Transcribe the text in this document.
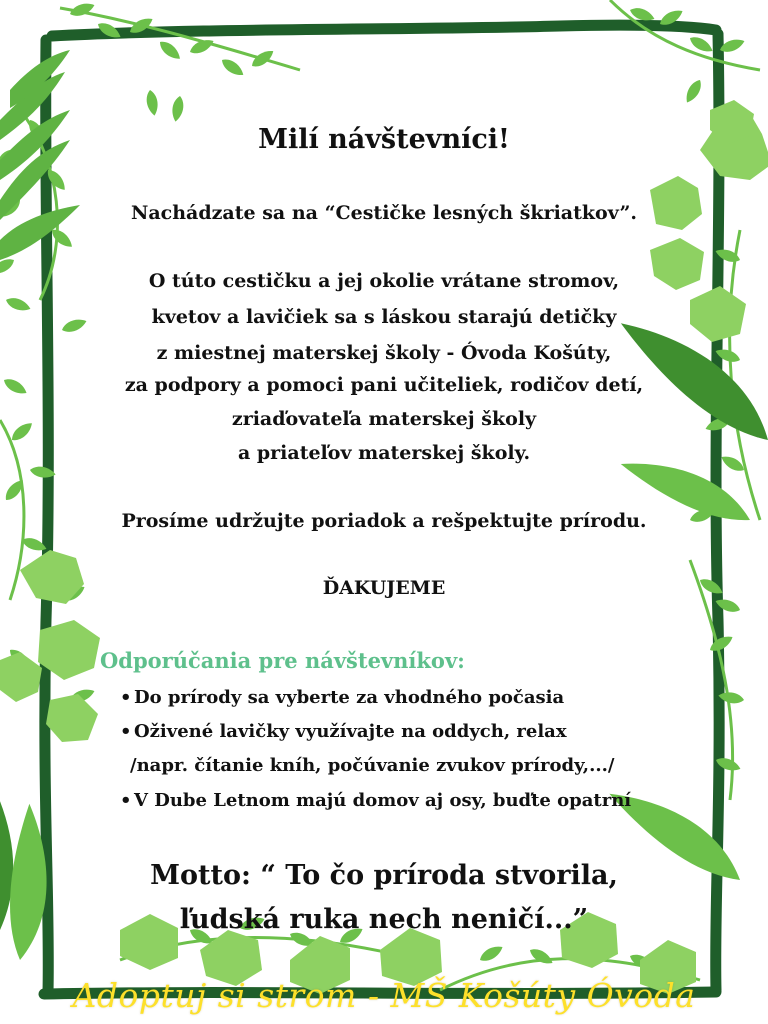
Milí návštevníci!
Nachádzate sa na “Cestičke lesných škriatkov”.
O túto cestičku a jej okolie vrátane stromov,
kvetov a lavičiek sa s láskou starajú detičky
z miestnej materskej školy - Óvoda Košúty,
za podpory a pomoci pani učiteliek, rodičov detí,
zriaďovateľa materskej školy
a priateľov materskej školy.
Prosíme udržujte poriadok a rešpektujte prírodu.
ĎAKUJEME
Odporúčania pre návštevníkov:
• Do prírody sa vyberte za vhodného počasia
• Oživené lavičky využívajte na oddych, relax
/napr. čítanie kníh, počúvanie zvukov prírody,.../
• V Dube Letnom majú domov aj osy, buďte opatrní
Motto: “ To čo príroda stvorila,
ľudská ruka nech neničí...”
Adoptuj si strom - MŠ Košúty Óvoda
